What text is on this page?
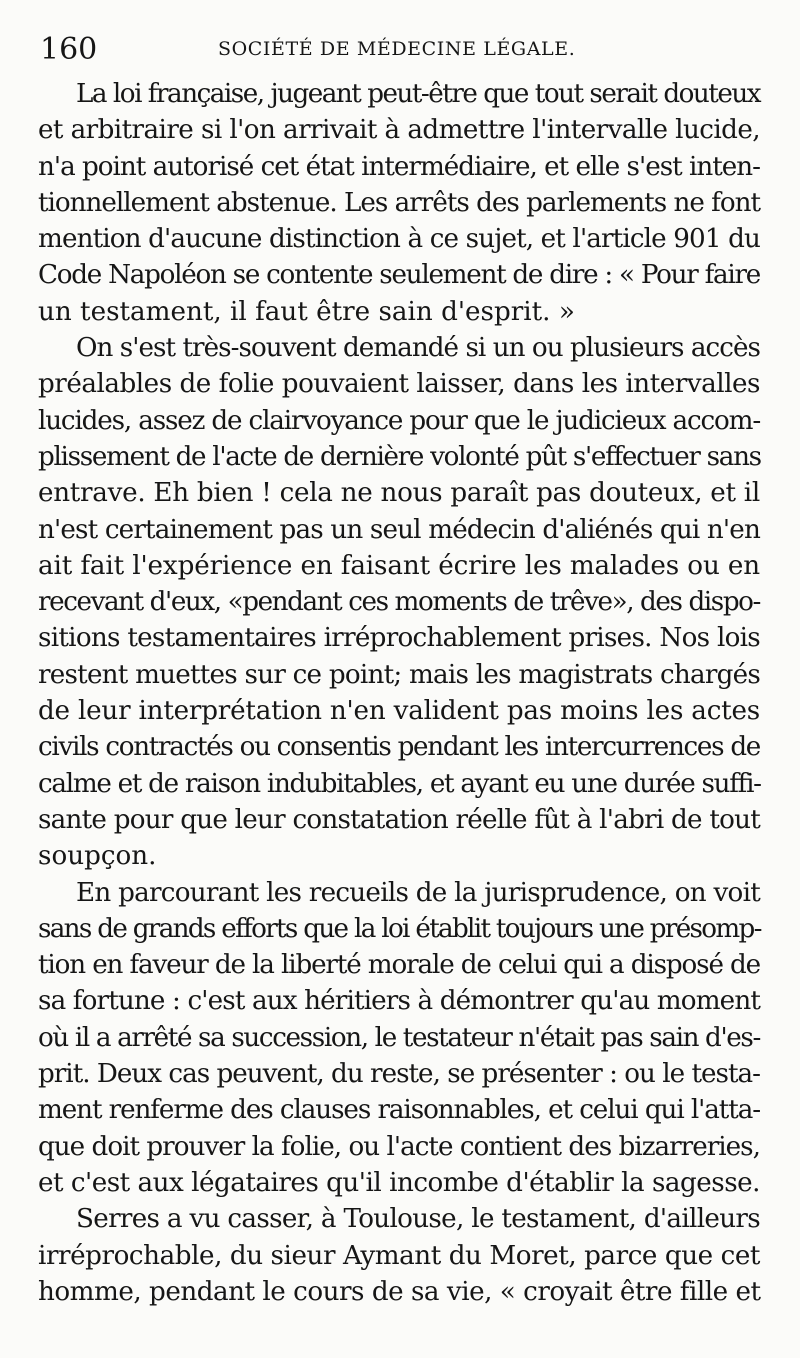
160	SOCIÉTÉ DE MÉDECINE LÉGALE.
La loi française, jugeant peut-être que tout serait douteux
et arbitraire si l'on arrivait à admettre l'intervalle lucide,
n'a point autorisé cet état intermédiaire, et elle s'est inten-
tionnellement abstenue. Les arrêts des parlements ne font
mention d'aucune distinction à ce sujet, et l'article 901 du
Code Napoléon se contente seulement de dire : « Pour faire
un testament, il faut être sain d'esprit. »
On s'est très-souvent demandé si un ou plusieurs accès
préalables de folie pouvaient laisser, dans les intervalles
lucides, assez de clairvoyance pour que le judicieux accom-
plissement de l'acte de dernière volonté pût s'effectuer sans
entrave. Eh bien ! cela ne nous paraît pas douteux, et il
n'est certainement pas un seul médecin d'aliénés qui n'en
ait fait l'expérience en faisant écrire les malades ou en
recevant d'eux, «pendant ces moments de trêve», des dispo-
sitions testamentaires irréprochablement prises. Nos lois
restent muettes sur ce point; mais les magistrats chargés
de leur interprétation n'en valident pas moins les actes
civils contractés ou consentis pendant les intercurrences de
calme et de raison indubitables, et ayant eu une durée suffi-
sante pour que leur constatation réelle fût à l'abri de tout
soupçon.
En parcourant les recueils de la jurisprudence, on voit
sans de grands efforts que la loi établit toujours une présomp-
tion en faveur de la liberté morale de celui qui a disposé de
sa fortune : c'est aux héritiers à démontrer qu'au moment
où il a arrêté sa succession, le testateur n'était pas sain d'es-
prit. Deux cas peuvent, du reste, se présenter : ou le testa-
ment renferme des clauses raisonnables, et celui qui l'atta-
que doit prouver la folie, ou l'acte contient des bizarreries,
et c'est aux légataires qu'il incombe d'établir la sagesse.
Serres a vu casser, à Toulouse, le testament, d'ailleurs
irréprochable, du sieur Aymant du Moret, parce que cet
homme, pendant le cours de sa vie, « croyait être fille et
